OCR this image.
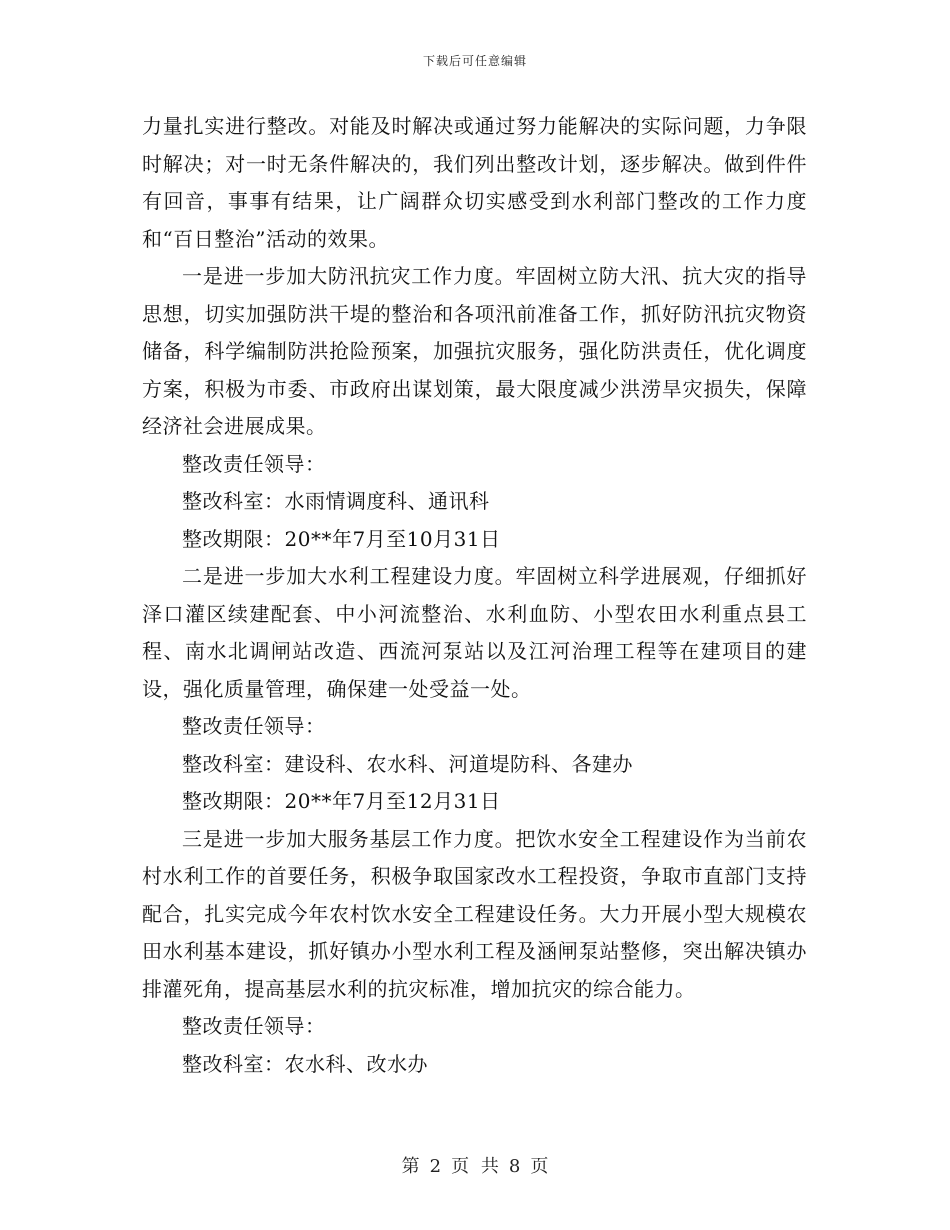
下载后可任意编辑

力量扎实进行整改。对能及时解决或通过努力能解决的实际问题，力争限时解决；对一时无条件解决的，我们列出整改计划，逐步解决。做到件件有回音，事事有结果，让广阔群众切实感受到水利部门整改的工作力度和“百日整治”活动的效果。

一是进一步加大防汛抗灾工作力度。牢固树立防大汛、抗大灾的指导思想，切实加强防洪干堤的整治和各项汛前准备工作，抓好防汛抗灾物资储备，科学编制防洪抢险预案，加强抗灾服务，强化防洪责任，优化调度方案，积极为市委、市政府出谋划策，最大限度减少洪涝旱灾损失，保障经济社会进展成果。

整改责任领导：

整改科室：水雨情调度科、通讯科

整改期限：20**年7月至10月31日

二是进一步加大水利工程建设力度。牢固树立科学进展观，仔细抓好泽口灌区续建配套、中小河流整治、水利血防、小型农田水利重点县工程、南水北调闸站改造、西流河泵站以及江河治理工程等在建项目的建设，强化质量管理，确保建一处受益一处。

整改责任领导：

整改科室：建设科、农水科、河道堤防科、各建办

整改期限：20**年7月至12月31日

三是进一步加大服务基层工作力度。把饮水安全工程建设作为当前农村水利工作的首要任务，积极争取国家改水工程投资，争取市直部门支持配合，扎实完成今年农村饮水安全工程建设任务。大力开展小型大规模农田水利基本建设，抓好镇办小型水利工程及涵闸泵站整修，突出解决镇办排灌死角，提高基层水利的抗灾标准，增加抗灾的综合能力。

整改责任领导：

整改科室：农水科、改水办

第 2 页 共 8 页
